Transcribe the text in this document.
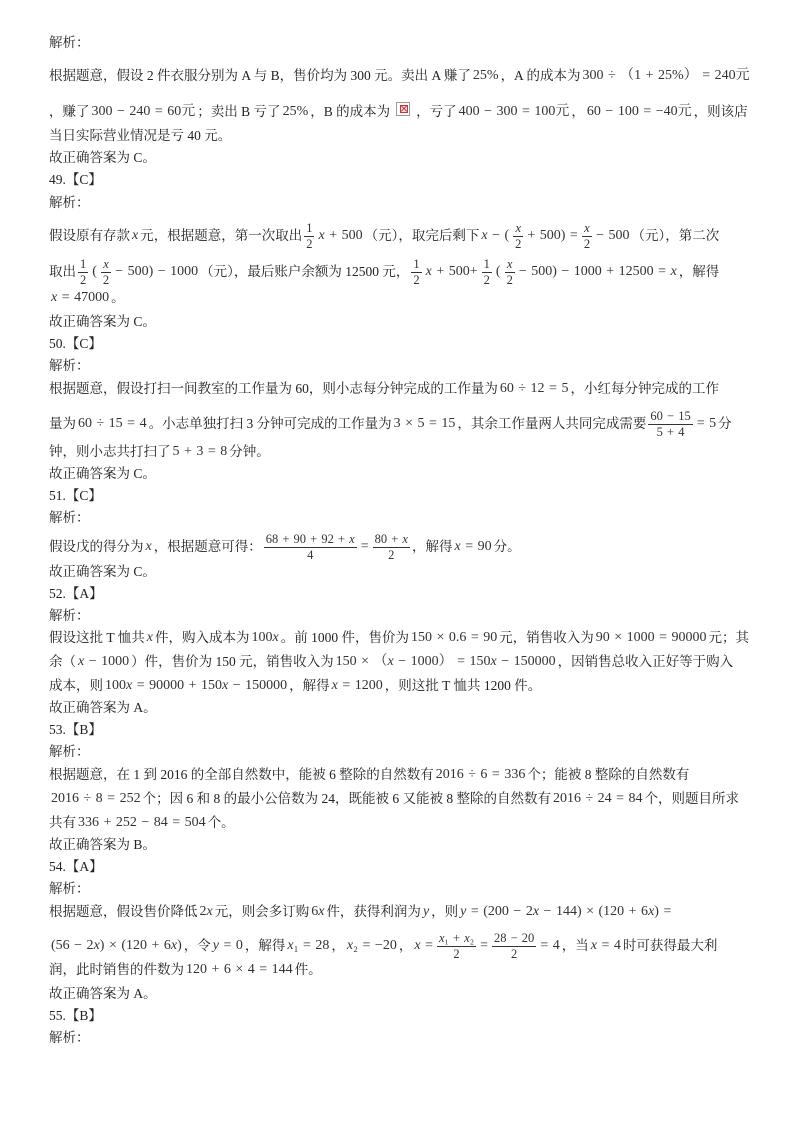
解析：
根据题意，假设 2 件衣服分别为 A 与 B，售价均为 300 元。卖出 A 赚了 25% ，A 的成本为 300 ÷ （1 + 25%） = 240元
，赚了 300 − 240 = 60元 ；卖出 B 亏了 25% ，B 的成本为 ，亏了 400 − 300 = 100元 ， 60 − 100 = −40元 ，则该店
当日实际营业情况是亏 40 元。
故正确答案为 C。
49.【C】
解析：
假设原有存款 x 元，根据题意，第一次取出 $\frac{1}{2}$ x + 500 （元），取完后剩下 x − ( $\frac{x}{2} + 500) = \frac{x}{2} - 500$ （元），第二次
取出 $\frac{1}{2}$ ( $\frac{x}{2} - 500) - 1000$ （元），最后账户余额为 12500 元， $\frac{1}{2}$ $x + 500+ \frac{1}{2}$ ( $\frac{x}{2} - 500) - 1000 + 12500 = x$ ，解得
x = 47000 。
故正确答案为 C。
50.【C】
解析：
根据题意，假设打扫一间教室的工作量为 60，则小志每分钟完成的工作量为 60 ÷ 12 = 5 ，小红每分钟完成的工作
量为 60 ÷ 15 = 4 。小志单独打扫 3 分钟可完成的工作量为 3 × 5 = 15 ，其余工作量两人共同完成需要 $\frac{60 - 15}{5 + 4} = 5$ 分
钟，则小志共打扫了 5 + 3 = 8 分钟。
故正确答案为 C。
51.【C】
解析：
假设戊的得分为 x ，根据题意可得： $\frac{68 + 90 + 92 + x}{4} = \frac{80 + x}{2}$ ，解得 x = 90 分。
故正确答案为 C。
52.【A】
解析：
假设这批 T 恤共 x 件，购入成本为 100x 。前 1000 件，售价为 150 × 0.6 = 90 元，销售收入为 90 × 1000 = 90000 元；其
余（ x − 1000 ）件，售价为 150 元，销售收入为 150 × （x − 1000） = 150x − 150000 ，因销售总收入正好等于购入
成本，则 100x = 90000 + 150x − 150000 ，解得 x = 1200 ，则这批 T 恤共 1200 件。
故正确答案为 A。
53.【B】
解析：
根据题意，在 1 到 2016 的全部自然数中，能被 6 整除的自然数有 2016 ÷ 6 = 336 个；能被 8 整除的自然数有
2016 ÷ 8 = 252 个；因 6 和 8 的最小公倍数为 24，既能被 6 又能被 8 整除的自然数有 2016 ÷ 24 = 84 个，则题目所求
共有 336 + 252 − 84 = 504 个。
故正确答案为 B。
54.【A】
解析：
根据题意，假设售价降低 2x 元，则会多订购 6x 件，获得利润为 y ，则 y = (200 − 2x − 144) × (120 + 6x) =
(56 − 2x) × (120 + 6x) ，令 y = 0 ，解得 x₁ = 28 ， x₂ = −20 ， $x = \frac{\text{x₁ + x₂}}{2} = \frac{28 - 20}{2} = 4$ ，当 x = 4 时可获得最大利
润，此时销售的件数为 120 + 6 × 4 = 144 件。
故正确答案为 A。
55.【B】
解析：
